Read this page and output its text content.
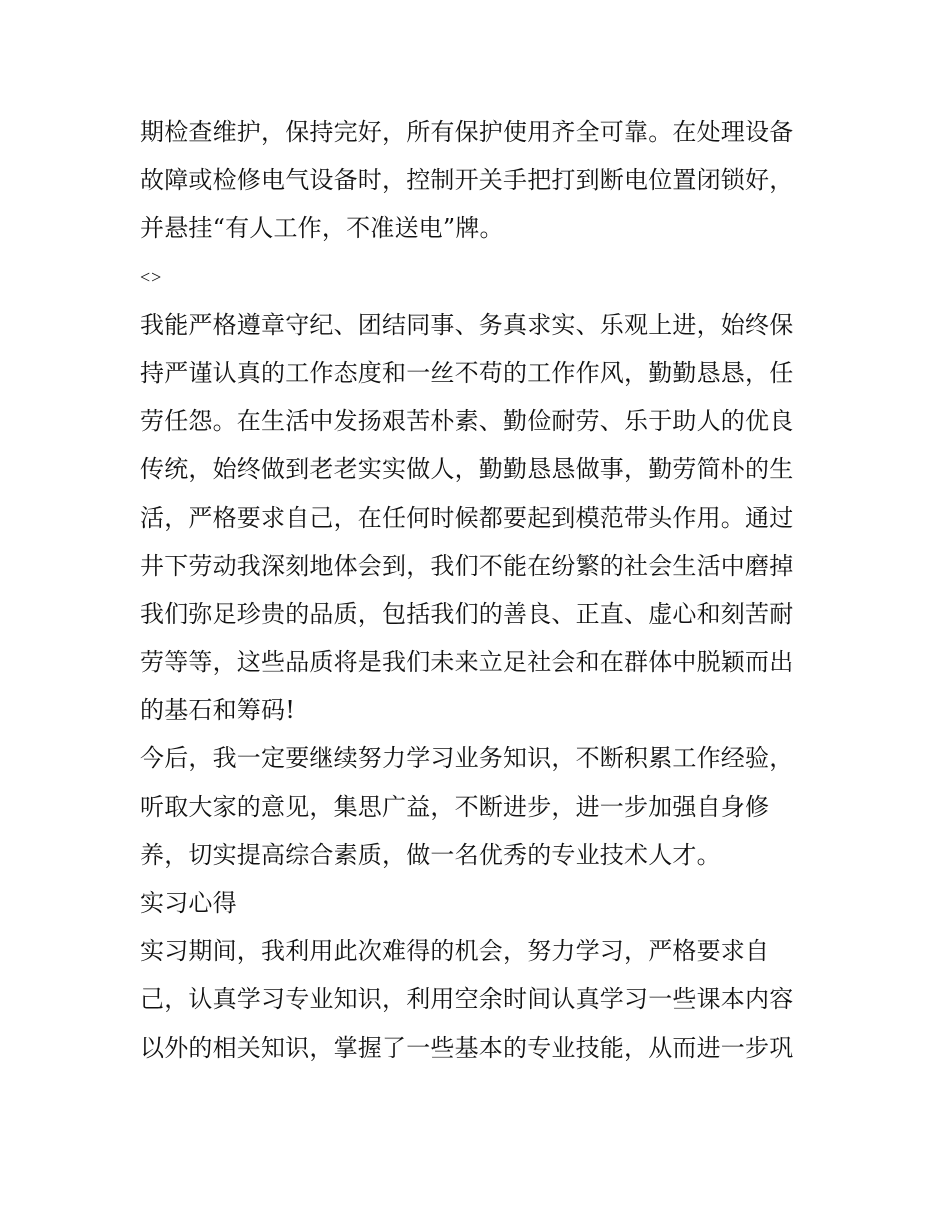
期检查维护，保持完好，所有保护使用齐全可靠。在处理设备
故障或检修电气设备时，控制开关手把打到断电位置闭锁好，
并悬挂“有人工作，不准送电”牌。
<>
我能严格遵章守纪、团结同事、务真求实、乐观上进，始终保
持严谨认真的工作态度和一丝不苟的工作作风，勤勤恳恳，任
劳任怨。在生活中发扬艰苦朴素、勤俭耐劳、乐于助人的优良
传统，始终做到老老实实做人，勤勤恳恳做事，勤劳简朴的生
活，严格要求自己，在任何时候都要起到模范带头作用。通过
井下劳动我深刻地体会到，我们不能在纷繁的社会生活中磨掉
我们弥足珍贵的品质，包括我们的善良、正直、虚心和刻苦耐
劳等等，这些品质将是我们未来立足社会和在群体中脱颖而出
的基石和筹码!
今后，我一定要继续努力学习业务知识，不断积累工作经验，
听取大家的意见，集思广益，不断进步，进一步加强自身修
养，切实提高综合素质，做一名优秀的专业技术人才。
实习心得
实习期间，我利用此次难得的机会，努力学习，严格要求自
己，认真学习专业知识，利用空余时间认真学习一些课本内容
以外的相关知识，掌握了一些基本的专业技能，从而进一步巩
